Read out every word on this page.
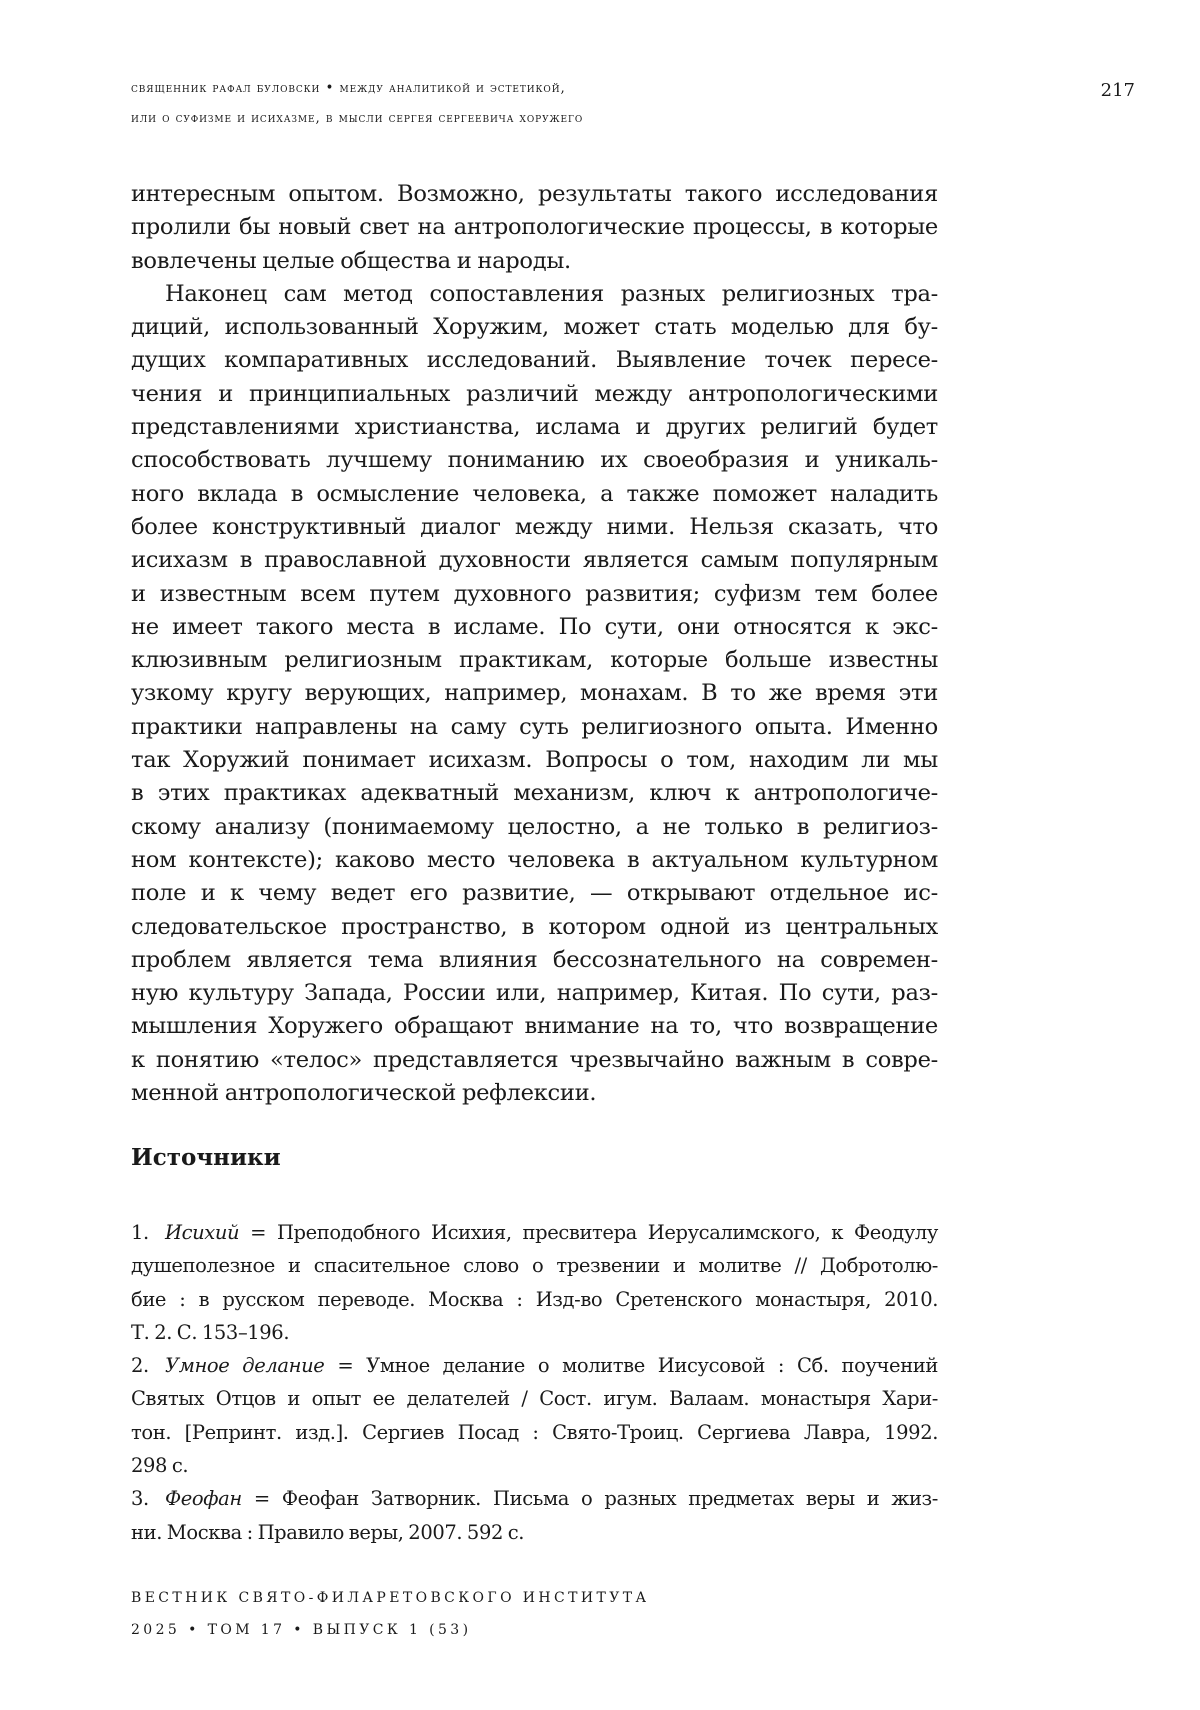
священник рафал буловски • между аналитикой и эстетикой,
или о суфизме и исихазме, в мысли сергея сергеевича хоружего
217
интересным опытом. Возможно, результаты такого исследования
пролили бы новый свет на антропологические процессы, в которые
вовлечены целые общества и народы.
Наконец сам метод сопоставления разных религиозных тра-
диций, использованный Хоружим, может стать моделью для бу-
дущих компаративных исследований. Выявление точек пересе-
чения и принципиальных различий между антропологическими
представлениями христианства, ислама и других религий будет
способствовать лучшему пониманию их своеобразия и уникаль-
ного вклада в осмысление человека, а также поможет наладить
более конструктивный диалог между ними. Нельзя сказать, что
исихазм в православной духовности является самым популярным
и известным всем путем духовного развития; суфизм тем более
не имеет такого места в исламе. По сути, они относятся к экс-
клюзивным религиозным практикам, которые больше известны
узкому кругу верующих, например, монахам. В то же время эти
практики направлены на саму суть религиозного опыта. Именно
так Хоружий понимает исихазм. Вопросы о том, находим ли мы
в этих практиках адекватный механизм, ключ к антропологиче-
скому анализу (понимаемому целостно, а не только в религиоз-
ном контексте); каково место человека в актуальном культурном
поле и к чему ведет его развитие, — открывают отдельное ис-
следовательское пространство, в котором одной из центральных
проблем является тема влияния бессознательного на современ-
ную культуру Запада, России или, например, Китая. По сути, раз-
мышления Хоружего обращают внимание на то, что возвращение
к понятию «телос» представляется чрезвычайно важным в совре-
менной антропологической рефлексии.
Источники
1. Исихий = Преподобного Исихия, пресвитера Иерусалимского, к Феодулу
душеполезное и спасительное слово о трезвении и молитве // Добротолю-
бие : в русском переводе. Москва : Изд-во Сретенского монастыря, 2010.
Т. 2. С. 153–196.
2. Умное делание = Умное делание о молитве Иисусовой : Сб. поучений
Святых Отцов и опыт ее делателей / Сост. игум. Валаам. монастыря Хари-
тон. [Репринт. изд.]. Сергиев Посад : Свято-Троиц. Сергиева Лавра, 1992.
298 с.
3. Феофан = Феофан Затворник. Письма о разных предметах веры и жиз-
ни. Москва : Правило веры, 2007. 592 с.
ВЕСТНИК СВЯТО-ФИЛАРЕТОВСКОГО ИНСТИТУТА
2025 • ТОМ 17 • ВЫПУСК 1 (53)
